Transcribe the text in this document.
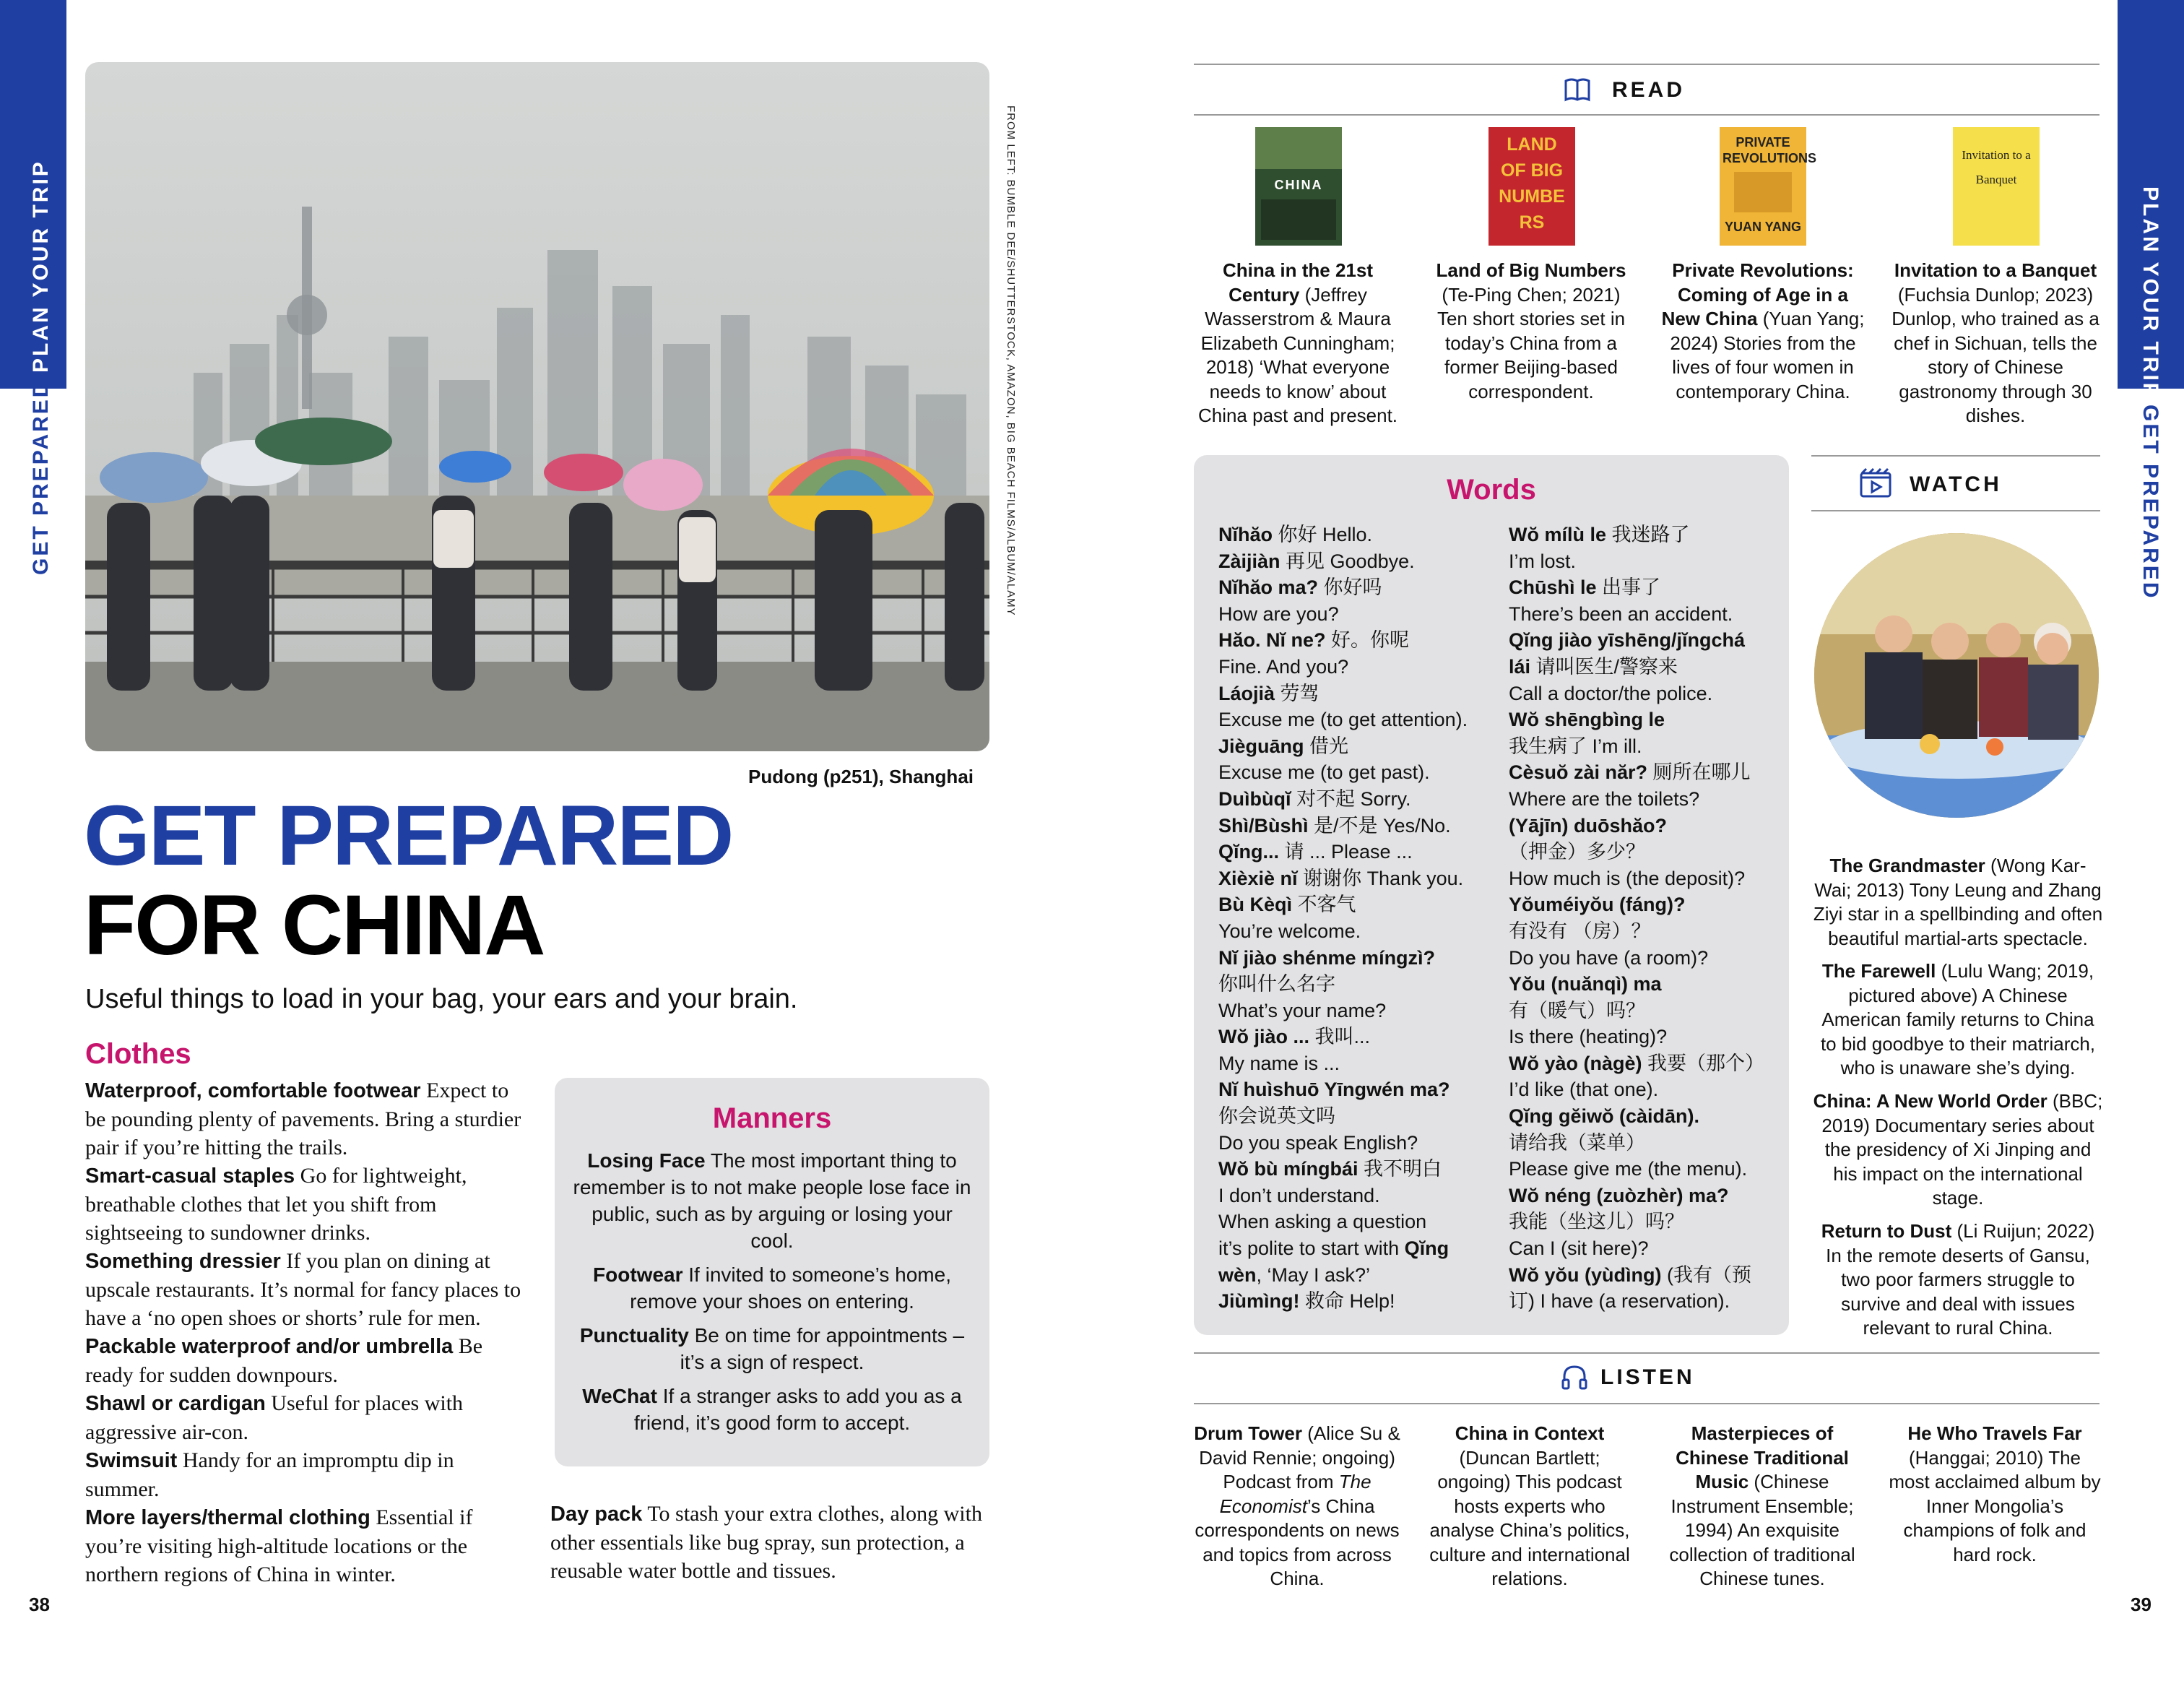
PLAN YOUR TRIP
GET PREPARED
38
PLAN YOUR TRIP
GET PREPARED
39
FROM LEFT: BUMBLE DEE/SHUTTERSTOCK, AMAZON, BIG BEACH FILMS/ALBUM/ALAMY
Pudong (p251), Shanghai
GET PREPARED
FOR CHINA
Useful things to load in your bag, your ears and your brain.
Clothes
Waterproof, comfortable footwear Expect to be pounding plenty of pavements. Bring a sturdier pair if you’re hitting the trails.
Smart-casual staples Go for lightweight, breathable clothes that let you shift from sightseeing to sundowner drinks.
Something dressier If you plan on dining at upscale restaurants. It’s normal for fancy places to have a ‘no open shoes or shorts’ rule for men.
Packable waterproof and/or umbrella Be ready for sudden downpours.
Shawl or cardigan Useful for places with aggressive air-con.
Swimsuit Handy for an impromptu dip in summer.
More layers/thermal clothing Essential if you’re visiting high-altitude locations or the northern regions of China in winter.
Manners
Losing Face The most important thing to remember is to not make people lose face in public, such as by arguing or losing your cool.
Footwear If invited to someone’s home, remove your shoes on entering.
Punctuality Be on time for appointments – it’s a sign of respect.
WeChat If a stranger asks to add you as a friend, it’s good form to accept.
Day pack To stash your extra clothes, along with other essentials like bug spray, sun protection, a reusable water bottle and tissues.
READ
CHINA
LAND OF BIG NUMBERS
PRIVATE REVOLUTIONS
YUAN YANG
Invitation to a Banquet
China in the 21st Century (Jeffrey Wasserstrom & Maura Elizabeth Cunningham; 2018) ‘What everyone needs to know’ about China past and present.
Land of Big Numbers (Te-Ping Chen; 2021) Ten short stories set in today’s China from a former Beijing-based correspondent.
Private Revolutions: Coming of Age in a New China (Yuan Yang; 2024) Stories from the lives of four women in contemporary China.
Invitation to a Banquet (Fuchsia Dunlop; 2023) Dunlop, who trained as a chef in Sichuan, tells the story of Chinese gastronomy through 30 dishes.
Words
Nĭhăo 你好 Hello.
Zàijiàn 再见 Goodbye.
Nĭhăo ma? 你好吗
How are you?
Hăo. Nĭ ne? 好。你呢
Fine. And you?
Láojià 劳驾
Excuse me (to get attention).
Jièguāng 借光
Excuse me (to get past).
Duìbùqĭ 对不起 Sorry.
Shì/Bùshì 是/不是 Yes/No.
Qĭng... 请 ... Please ...
Xièxiè nĭ 谢谢你 Thank you.
Bù Kèqì 不客气
You’re welcome.
Nĭ jiào shénme míngzì?
你叫什么名字
What’s your name?
Wŏ jiào ... 我叫...
My name is ...
Nĭ huìshuō Yīngwén ma?
你会说英文吗
Do you speak English?
Wŏ bù míngbái 我不明白
I don’t understand.
When asking a question
it’s polite to start with Qĭng
wèn, ‘May I ask?’
Jiùmìng! 救命 Help!
Wŏ mílù le 我迷路了
I’m lost.
Chūshì le 出事了
There’s been an accident.
Qĭng jiào yīshēng/jĭngchá
lái 请叫医生/警察来
Call a doctor/the police.
Wŏ shēngbìng le
我生病了 I’m ill.
Cèsuŏ zài năr? 厕所在哪儿
Where are the toilets?
(Yājīn) duōshăo?
（押金）多少？
How much is (the deposit)?
Yŏuméiyŏu (fáng)?
有没有 （房）？
Do you have (a room)?
Yŏu (nuănqì) ma
有（暖气）吗？
Is there (heating)?
Wŏ yào (nàgè) 我要（那个）
I’d like (that one).
Qĭng gĕiwŏ (càidān).
请给我（菜单）
Please give me (the menu).
Wŏ néng (zuòzhèr) ma?
我能（坐这儿）吗？
Can I (sit here)?
Wŏ yŏu (yùdìng) (我有（预
订) I have (a reservation).
WATCH
The Grandmaster (Wong Kar-Wai; 2013) Tony Leung and Zhang Ziyi star in a spellbinding and often beautiful martial-arts spectacle.
The Farewell (Lulu Wang; 2019, pictured above) A Chinese American family returns to China to bid goodbye to their matriarch, who is unaware she’s dying.
China: A New World Order (BBC; 2019) Documentary series about the presidency of Xi Jinping and his impact on the international stage.
Return to Dust (Li Ruijun; 2022) In the remote deserts of Gansu, two poor farmers struggle to survive and deal with issues relevant to rural China.
LISTEN
Drum Tower (Alice Su & David Rennie; ongoing) Podcast from The Economist’s China correspondents on news and topics from across China.
China in Context (Duncan Bartlett; ongoing) This podcast hosts experts who analyse China’s politics, culture and international relations.
Masterpieces of Chinese Traditional Music (Chinese Instrument Ensemble; 1994) An exquisite collection of traditional Chinese tunes.
He Who Travels Far (Hanggai; 2010) The most acclaimed album by Inner Mongolia’s champions of folk and hard rock.
